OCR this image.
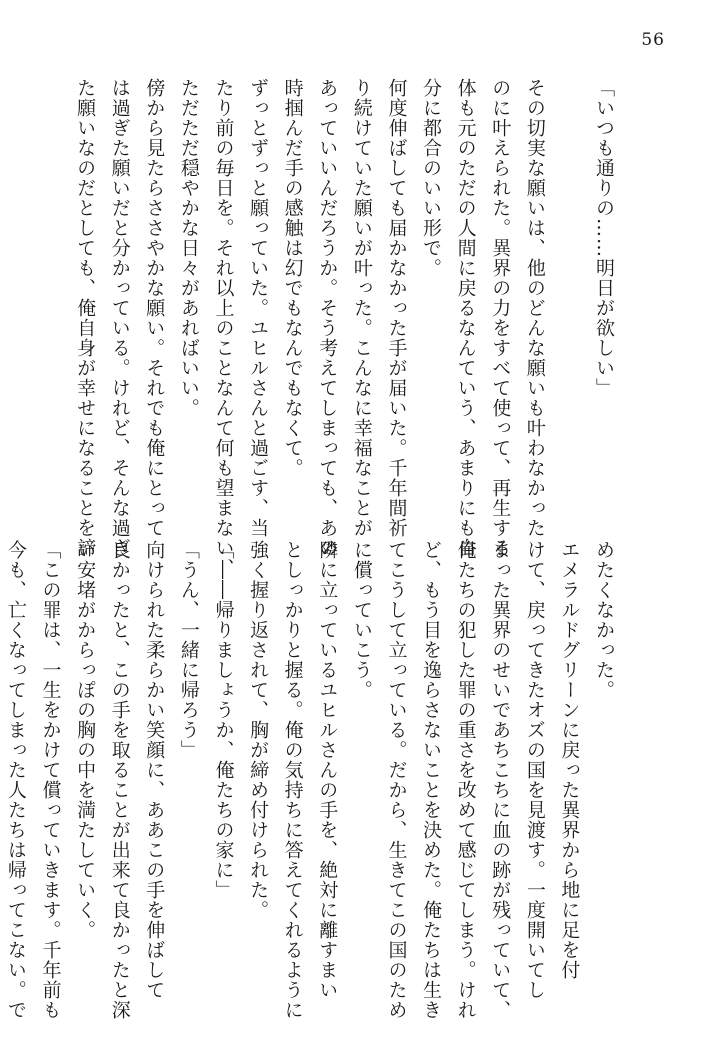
56
「いつも通りの……明日が欲しい」

その切実な願いは、他のどんな願いも叶わなかった
のに叶えられた。異界の力をすべて使って、再生する
体も元のただの人間に戻るなんていう、あまりにも自
分に都合のいい形で。
何度伸ばしても届かなかった手が届いた。千年間祈
り続けていた願いが叶った。こんなに幸福なことが
あっていいんだろうか。そう考えてしまっても、あの
時掴んだ手の感触は幻でもなんでもなくて。
ずっとずっと願っていた。ユヒルさんと過ごす、当
たり前の毎日を。それ以上のことなんて何も望まない、
ただただ穏やかな日々があればいい。
傍から見たらささやかな願い。それでも俺にとって
は過ぎた願いだと分かっている。けれど、そんな過ぎ
た願いなのだとしても、俺自身が幸せになることを諦
めたくなかった。
エメラルドグリーンに戻った異界から地に足を付
けて、戻ってきたオズの国を見渡す。一度開いてし
まった異界のせいであちこちに血の跡が残っていて、
俺たちの犯した罪の重さを改めて感じてしまう。けれ
ど、もう目を逸らさないことを決めた。俺たちは生き
てこうして立っている。だから、生きてこの国のため
に償っていこう。
隣に立っているユヒルさんの手を、絶対に離すまい
としっかりと握る。俺の気持ちに答えてくれるように
強く握り返されて、胸が締め付けられた。
「――帰りましょうか、俺たちの家に」
「うん、一緒に帰ろう」
向けられた柔らかい笑顔に、ああこの手を伸ばして
良かったと、この手を取ることが出来て良かったと深
い安堵がからっぽの胸の中を満たしていく。
「この罪は、一生をかけて償っていきます。千年前も
今も、亡くなってしまった人たちは帰ってこない。で
